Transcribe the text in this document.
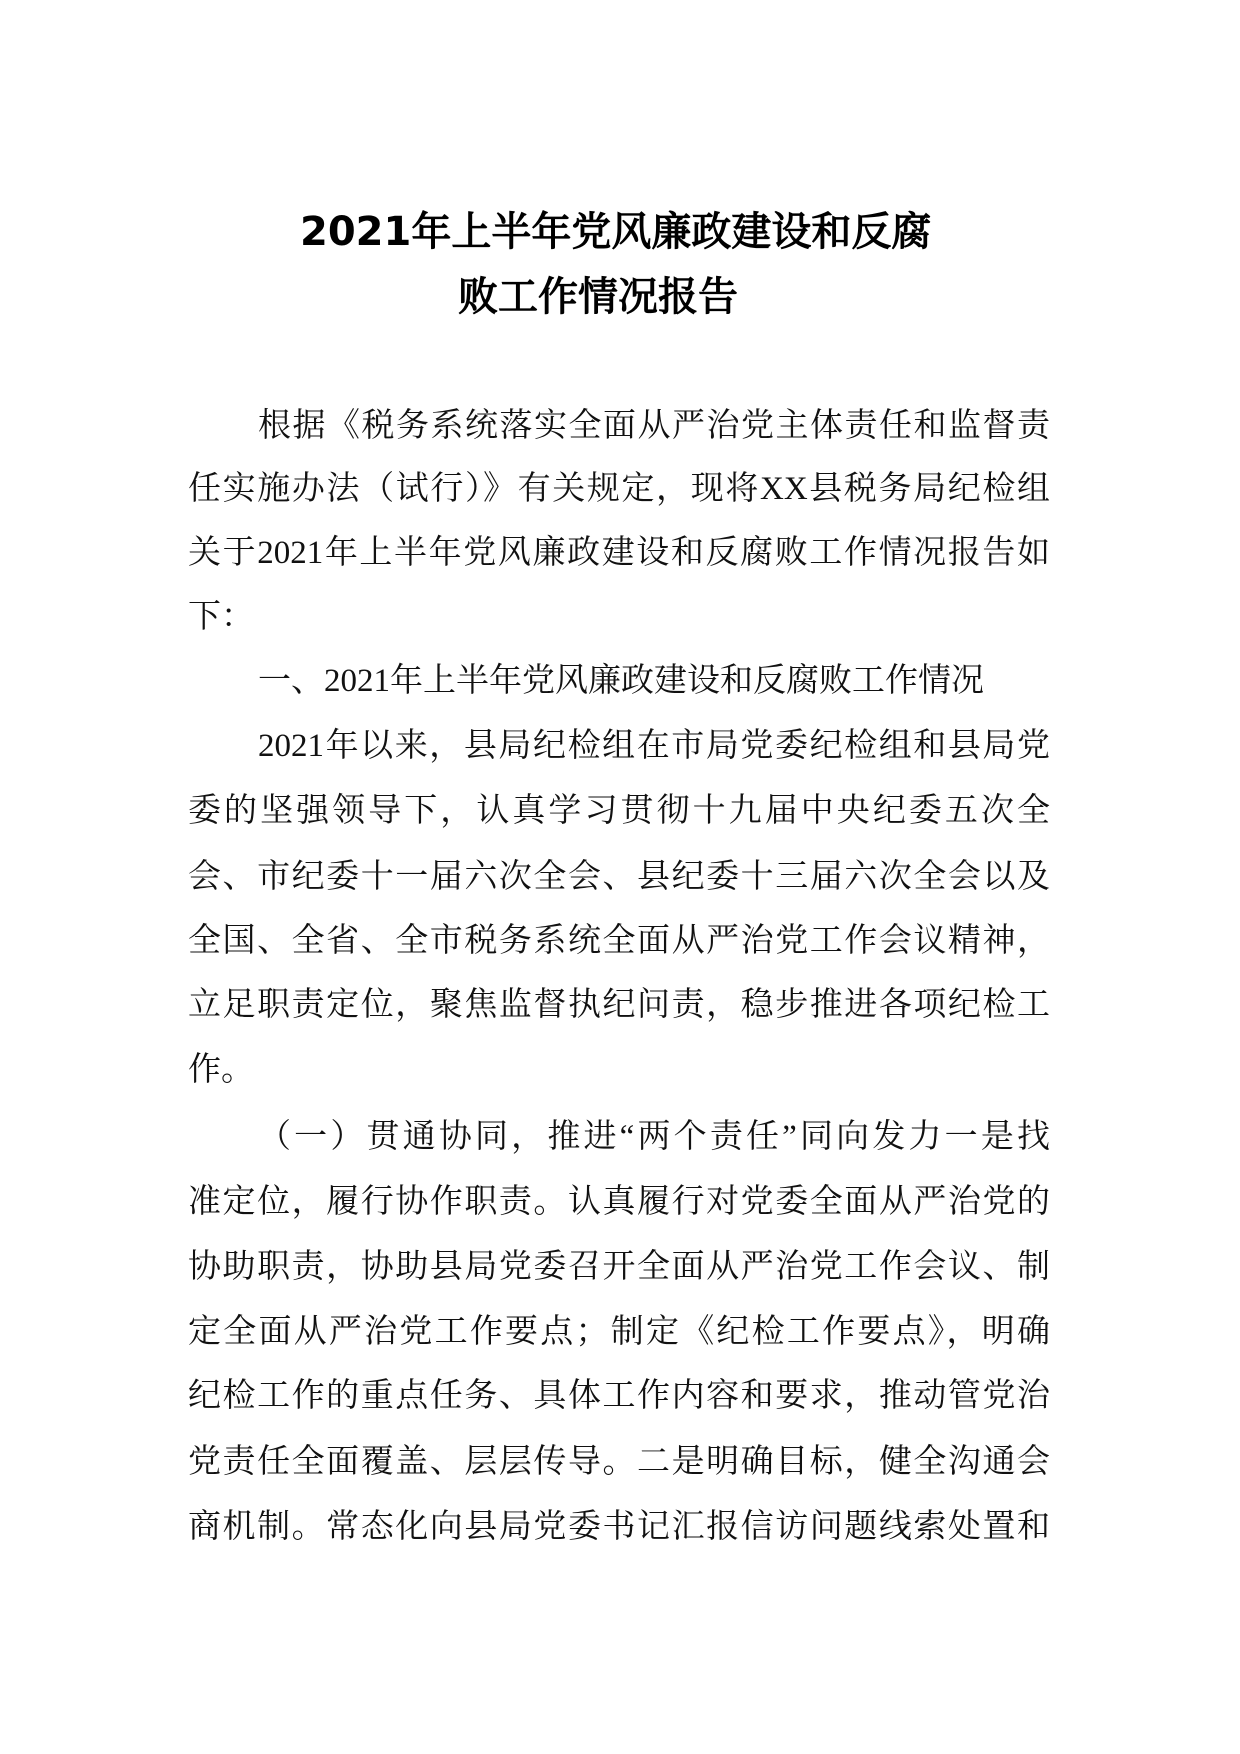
2021年上半年党风廉政建设和反腐
败工作情况报告
根据《税务系统落实全面从严治党主体责任和监督责
任实施办法（试行）》有关规定，现将XX县税务局纪检组
关于2021年上半年党风廉政建设和反腐败工作情况报告如
下：
一、2021年上半年党风廉政建设和反腐败工作情况
2021年以来，县局纪检组在市局党委纪检组和县局党
委的坚强领导下，认真学习贯彻十九届中央纪委五次全
会、市纪委十一届六次全会、县纪委十三届六次全会以及
全国、全省、全市税务系统全面从严治党工作会议精神，
立足职责定位，聚焦监督执纪问责，稳步推进各项纪检工
作。
（一）贯通协同，推进“两个责任”同向发力一是找
准定位，履行协作职责。认真履行对党委全面从严治党的
协助职责，协助县局党委召开全面从严治党工作会议、制
定全面从严治党工作要点；制定《纪检工作要点》，明确
纪检工作的重点任务、具体工作内容和要求，推动管党治
党责任全面覆盖、层层传导。二是明确目标，健全沟通会
商机制。常态化向县局党委书记汇报信访问题线索处置和
